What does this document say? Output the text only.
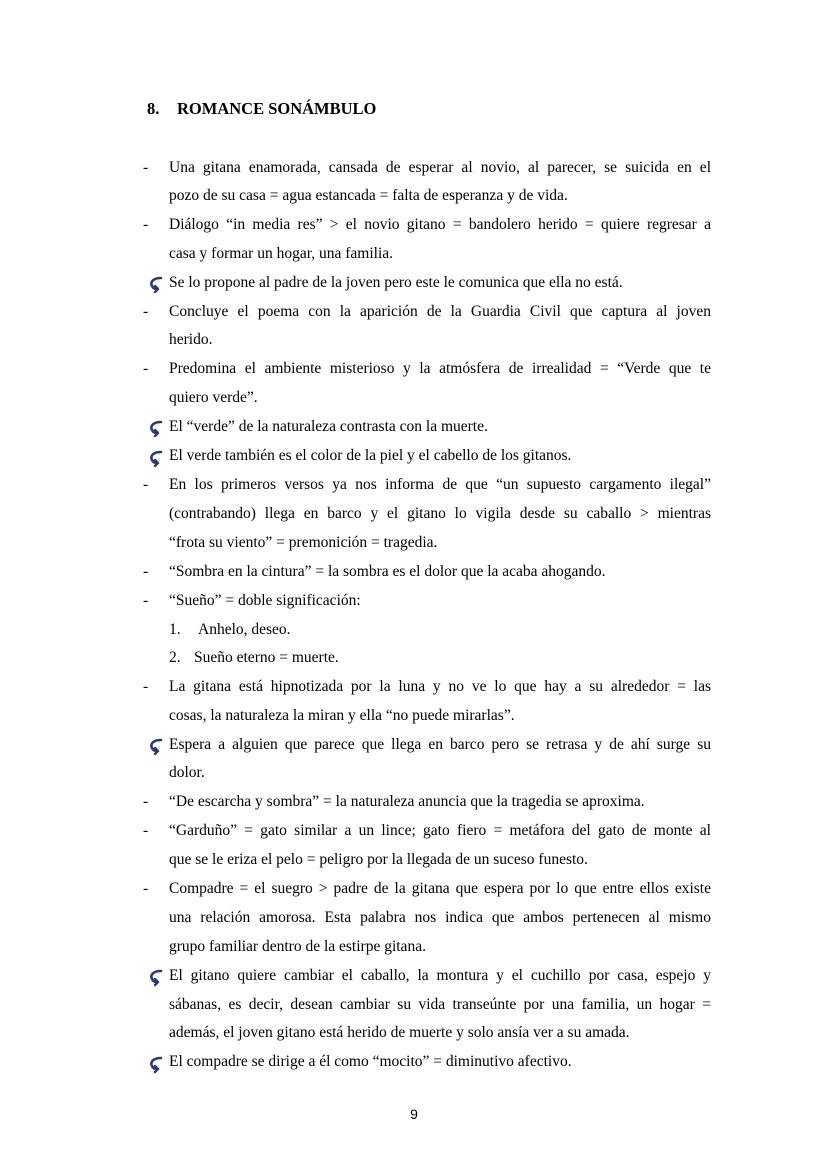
8. ROMANCE SONÁMBULO
-	Una gitana enamorada, cansada de esperar al novio, al parecer, se suicida en el
pozo de su casa = agua estancada = falta de esperanza y de vida.
-	Diálogo “in media res” > el novio gitano = bandolero herido = quiere regresar a
casa y formar un hogar, una familia.
Se lo propone al padre de la joven pero este le comunica que ella no está.
-	Concluye el poema con la aparición de la Guardia Civil que captura al joven
herido.
-	Predomina el ambiente misterioso y la atmósfera de irrealidad = “Verde que te
quiero verde”.
El “verde” de la naturaleza contrasta con la muerte.
El verde también es el color de la piel y el cabello de los gitanos.
-	En los primeros versos ya nos informa de que “un supuesto cargamento ilegal”
(contrabando) llega en barco y el gitano lo vigila desde su caballo > mientras
“frota su viento” = premonición = tragedia.
-	“Sombra en la cintura” = la sombra es el dolor que la acaba ahogando.
-	“Sueño” = doble significación:
1. Anhelo, deseo.
2. Sueño eterno = muerte.
-	La gitana está hipnotizada por la luna y no ve lo que hay a su alrededor = las
cosas, la naturaleza la miran y ella “no puede mirarlas”.
Espera a alguien que parece que llega en barco pero se retrasa y de ahí surge su
dolor.
-	“De escarcha y sombra” = la naturaleza anuncia que la tragedia se aproxima.
-	“Garduño” = gato similar a un lince; gato fiero = metáfora del gato de monte al
que se le eriza el pelo = peligro por la llegada de un suceso funesto.
-	Compadre = el suegro > padre de la gitana que espera por lo que entre ellos existe
una relación amorosa. Esta palabra nos indica que ambos pertenecen al mismo
grupo familiar dentro de la estirpe gitana.
El gitano quiere cambiar el caballo, la montura y el cuchillo por casa, espejo y
sábanas, es decir, desean cambiar su vida transeúnte por una familia, un hogar =
además, el joven gitano está herido de muerte y solo ansía ver a su amada.
El compadre se dirige a él como “mocito” = diminutivo afectivo.
9
